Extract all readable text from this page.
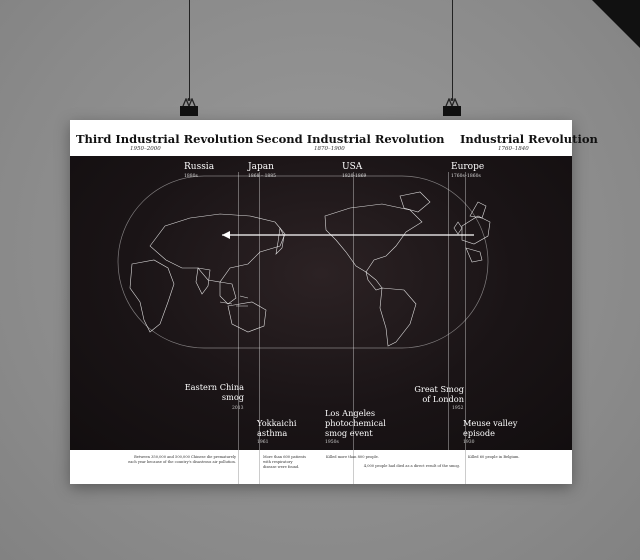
Third Industrial Revolution
1950–2000
Second Industrial Revolution
1870–1900
Industrial Revolution
1760–1840
Russia
1880s
Japan
1868 – 1885
USA
1820-1869
Europe
1760s–1860s
Eastern China
smog
2013
Yokkaichi
asthma
1961
Los Angeles
photochemical
smog event
1950s
Great Smog
of London
1952
Meuse valley
episode
1930
Between 350,000 and 500,000 Chinese die prematurely each year because of the country's disastrous air pollution.
More than 600 patients with respiratory disease were found.
Killed more than 800 people.
4,000 people had died as a direct result of the smog.
Killed 60 people in Belgium.
